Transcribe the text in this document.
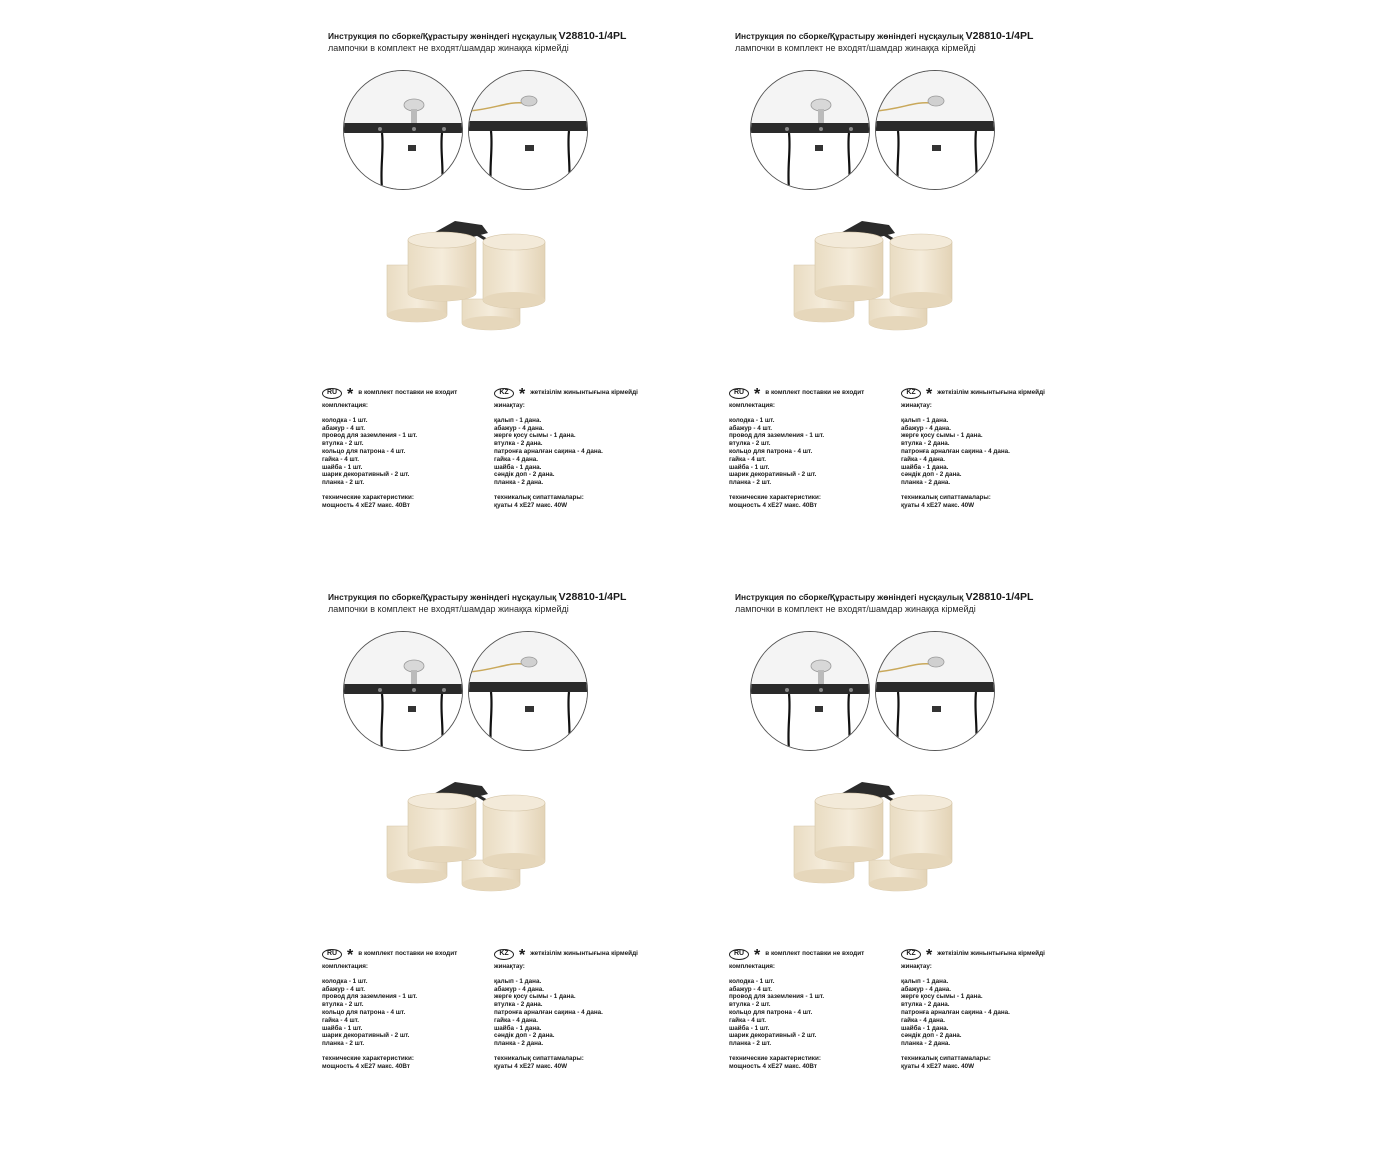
Инструкция по сборке/Құрастыру жөніндегі нұсқаулық V28810-1/4PL
лампочки в комплект не входят/шамдар жинаққа кірмейді
RU * в комплект поставки не входит
комплектация:
колодка - 1 шт.
абажур - 4 шт.
провод для заземления - 1 шт.
втулка - 2 шт.
кольцо для патрона - 4 шт.
гайка - 4 шт.
шайба - 1 шт.
шарик декоративный - 2 шт.
планка - 2 шт.
технические характеристики:
мощность 4 xE27 макс. 40Вт
KZ * жеткізілім жинынтығына кірмейді
жинақтау:
қалып - 1 дана.
абажур - 4 дана.
жерге қосу сымы - 1 дана.
втулка - 2 дана.
патронға арналған сақина - 4 дана.
гайка - 4 дана.
шайба - 1 дана.
сәндік доп - 2 дана.
планка - 2 дана.
техникалық сипаттамалары:
қуаты 4 xE27 макс. 40W
Инструкция по сборке/Құрастыру жөніндегі нұсқаулық V28810-1/4PL
лампочки в комплект не входят/шамдар жинаққа кірмейді
RU * в комплект поставки не входит
комплектация:
колодка - 1 шт.
абажур - 4 шт.
провод для заземления - 1 шт.
втулка - 2 шт.
кольцо для патрона - 4 шт.
гайка - 4 шт.
шайба - 1 шт.
шарик декоративный - 2 шт.
планка - 2 шт.
технические характеристики:
мощность 4 xE27 макс. 40Вт
KZ * жеткізілім жинынтығына кірмейді
жинақтау:
қалып - 1 дана.
абажур - 4 дана.
жерге қосу сымы - 1 дана.
втулка - 2 дана.
патронға арналған сақина - 4 дана.
гайка - 4 дана.
шайба - 1 дана.
сәндік доп - 2 дана.
планка - 2 дана.
техникалық сипаттамалары:
қуаты 4 xE27 макс. 40W
Инструкция по сборке/Құрастыру жөніндегі нұсқаулық V28810-1/4PL
лампочки в комплект не входят/шамдар жинаққа кірмейді
RU * в комплект поставки не входит
комплектация:
колодка - 1 шт.
абажур - 4 шт.
провод для заземления - 1 шт.
втулка - 2 шт.
кольцо для патрона - 4 шт.
гайка - 4 шт.
шайба - 1 шт.
шарик декоративный - 2 шт.
планка - 2 шт.
технические характеристики:
мощность 4 xE27 макс. 40Вт
KZ * жеткізілім жинынтығына кірмейді
жинақтау:
қалып - 1 дана.
абажур - 4 дана.
жерге қосу сымы - 1 дана.
втулка - 2 дана.
патронға арналған сақина - 4 дана.
гайка - 4 дана.
шайба - 1 дана.
сәндік доп - 2 дана.
планка - 2 дана.
техникалық сипаттамалары:
қуаты 4 xE27 макс. 40W
Инструкция по сборке/Құрастыру жөніндегі нұсқаулық V28810-1/4PL
лампочки в комплект не входят/шамдар жинаққа кірмейді
RU * в комплект поставки не входит
комплектация:
колодка - 1 шт.
абажур - 4 шт.
провод для заземления - 1 шт.
втулка - 2 шт.
кольцо для патрона - 4 шт.
гайка - 4 шт.
шайба - 1 шт.
шарик декоративный - 2 шт.
планка - 2 шт.
технические характеристики:
мощность 4 xE27 макс. 40Вт
KZ * жеткізілім жинынтығына кірмейді
жинақтау:
қалып - 1 дана.
абажур - 4 дана.
жерге қосу сымы - 1 дана.
втулка - 2 дана.
патронға арналған сақина - 4 дана.
гайка - 4 дана.
шайба - 1 дана.
сәндік доп - 2 дана.
планка - 2 дана.
техникалық сипаттамалары:
қуаты 4 xE27 макс. 40W
